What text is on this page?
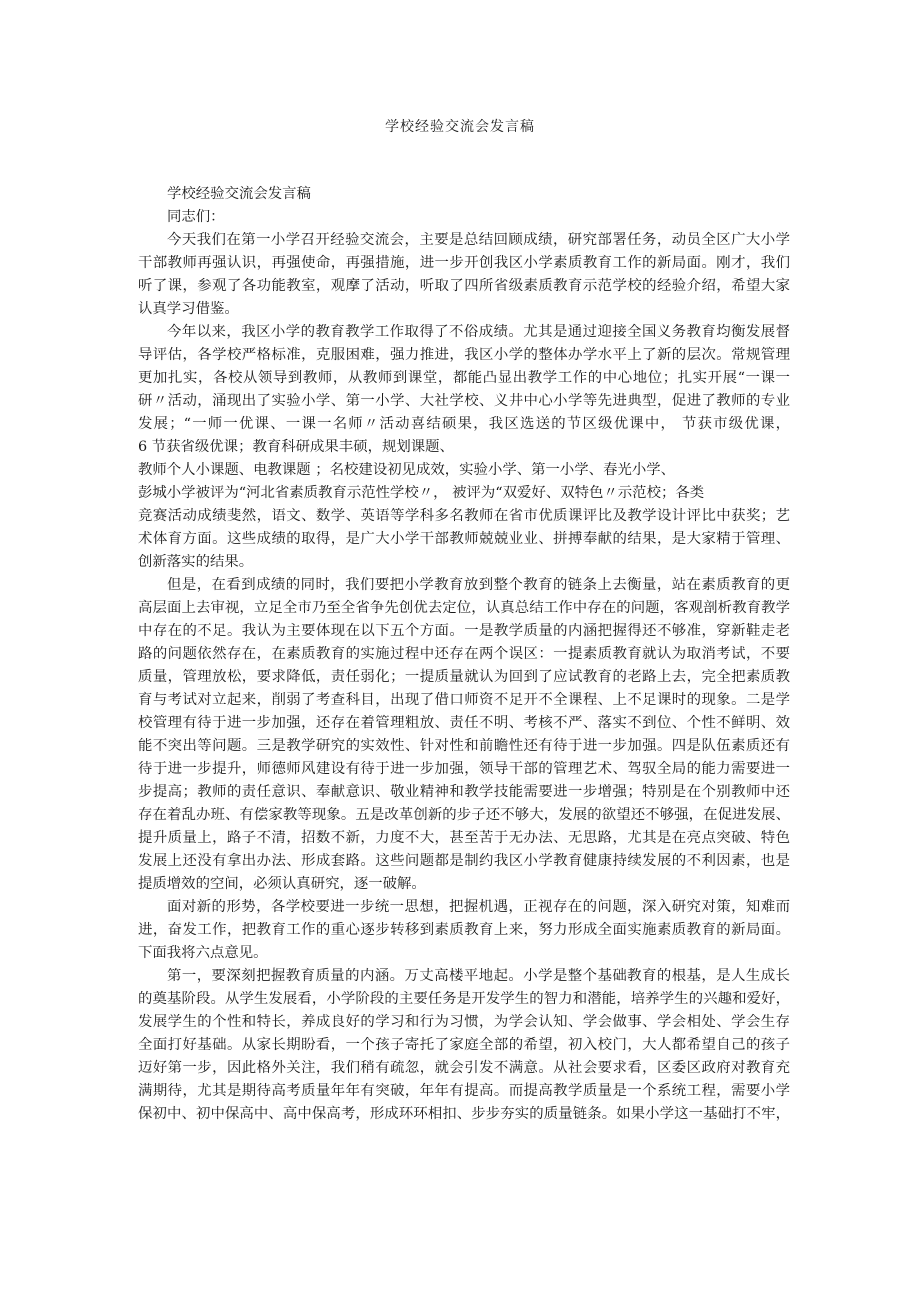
学校经验交流会发言稿
学校经验交流会发言稿
同志们：
今天我们在第一小学召开经验交流会，主要是总结回顾成绩，研究部署任务，动员全区广大小学
干部教师再强认识，再强使命，再强措施，进一步开创我区小学素质教育工作的新局面。刚才，我们
听了课，参观了各功能教室，观摩了活动，听取了四所省级素质教育示范学校的经验介绍，希望大家
认真学习借鉴。
今年以来，我区小学的教育教学工作取得了不俗成绩。尤其是通过迎接全国义务教育均衡发展督
导评估，各学校严格标准，克服困难，强力推进，我区小学的整体办学水平上了新的层次。常规管理
更加扎实，各校从领导到教师，从教师到课堂，都能凸显出教学工作的中心地位；扎实开展“一课一
研〃活动，涌现出了实验小学、第一小学、大社学校、义井中心小学等先进典型，促进了教师的专业
发展；“一师一优课、一课一名师〃活动喜结硕果，我区选送的节区级优课中， 节获市级优课，
6 节获省级优课；教育科研成果丰硕，规划课题、
教师个人小课题、电教课题 ；名校建设初见成效，实验小学、第一小学、春光小学、
彭城小学被评为“河北省素质教育示范性学校〃， 被评为“双爱好、双特色〃示范校；各类
竞赛活动成绩斐然，语文、数学、英语等学科多名教师在省市优质课评比及教学设计评比中获奖；艺
术体育方面。这些成绩的取得，是广大小学干部教师兢兢业业、拼搏奉献的结果，是大家精于管理、
创新落实的结果。
但是，在看到成绩的同时，我们要把小学教育放到整个教育的链条上去衡量，站在素质教育的更
高层面上去审视，立足全市乃至全省争先创优去定位，认真总结工作中存在的问题，客观剖析教育教学
中存在的不足。我认为主要体现在以下五个方面。一是教学质量的内涵把握得还不够准，穿新鞋走老
路的问题依然存在，在素质教育的实施过程中还存在两个误区：一提素质教育就认为取消考试，不要
质量，管理放松，要求降低，责任弱化；一提质量就认为回到了应试教育的老路上去，完全把素质教
育与考试对立起来，削弱了考查科目，出现了借口师资不足开不全课程、上不足课时的现象。二是学
校管理有待于进一步加强，还存在着管理粗放、责任不明、考核不严、落实不到位、个性不鲜明、效
能不突出等问题。三是教学研究的实效性、针对性和前瞻性还有待于进一步加强。四是队伍素质还有
待于进一步提升，师德师风建设有待于进一步加强，领导干部的管理艺术、驾驭全局的能力需要进一
步提高；教师的责任意识、奉献意识、敬业精神和教学技能需要进一步增强；特别是在个别教师中还
存在着乱办班、有偿家教等现象。五是改革创新的步子还不够大，发展的欲望还不够强，在促进发展、
提升质量上，路子不清，招数不新，力度不大，甚至苦于无办法、无思路，尤其是在亮点突破、特色
发展上还没有拿出办法、形成套路。这些问题都是制约我区小学教育健康持续发展的不利因素，也是
提质增效的空间，必须认真研究，逐一破解。
面对新的形势，各学校要进一步统一思想，把握机遇，正视存在的问题，深入研究对策，知难而
进，奋发工作，把教育工作的重心逐步转移到素质教育上来，努力形成全面实施素质教育的新局面。
下面我将六点意见。
第一，要深刻把握教育质量的内涵。万丈高楼平地起。小学是整个基础教育的根基，是人生成长
的奠基阶段。从学生发展看，小学阶段的主要任务是开发学生的智力和潜能，培养学生的兴趣和爱好，
发展学生的个性和特长，养成良好的学习和行为习惯，为学会认知、学会做事、学会相处、学会生存
全面打好基础。从家长期盼看，一个孩子寄托了家庭全部的希望，初入校门，大人都希望自己的孩子
迈好第一步，因此格外关注，我们稍有疏忽，就会引发不满意。从社会要求看，区委区政府对教育充
满期待，尤其是期待高考质量年年有突破，年年有提高。而提高教学质量是一个系统工程，需要小学
保初中、初中保高中、高中保高考，形成环环相扣、步步夯实的质量链条。如果小学这一基础打不牢，
